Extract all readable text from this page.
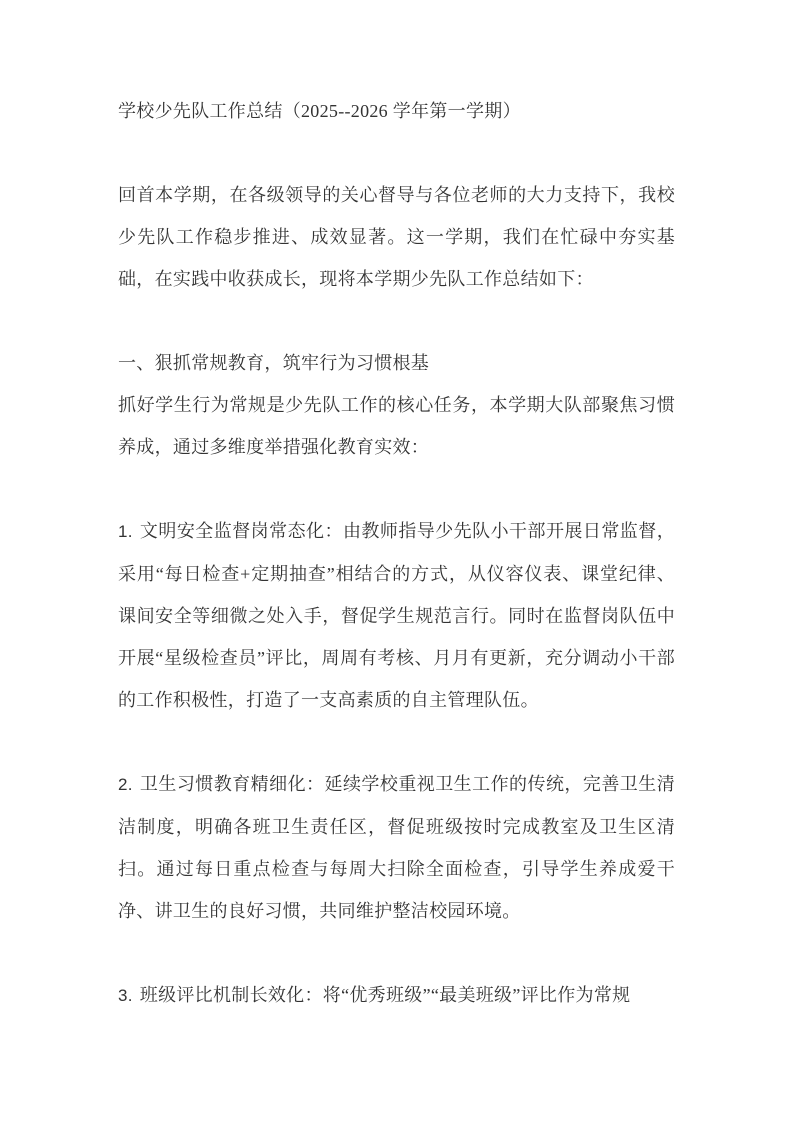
学校少先队工作总结（2025--2026 学年第一学期）

回首本学期，在各级领导的关心督导与各位老师的大力支持下，我校少先队工作稳步推进、成效显著。这一学期，我们在忙碌中夯实基础，在实践中收获成长，现将本学期少先队工作总结如下：

一、狠抓常规教育，筑牢行为习惯根基

抓好学生行为常规是少先队工作的核心任务，本学期大队部聚焦习惯养成，通过多维度举措强化教育实效：

1. 文明安全监督岗常态化：由教师指导少先队小干部开展日常监督，采用“每日检查+定期抽查”相结合的方式，从仪容仪表、课堂纪律、课间安全等细微之处入手，督促学生规范言行。同时在监督岗队伍中开展“星级检查员”评比，周周有考核、月月有更新，充分调动小干部的工作积极性，打造了一支高素质的自主管理队伍。

2. 卫生习惯教育精细化：延续学校重视卫生工作的传统，完善卫生清洁制度，明确各班卫生责任区，督促班级按时完成教室及卫生区清扫。通过每日重点检查与每周大扫除全面检查，引导学生养成爱干净、讲卫生的良好习惯，共同维护整洁校园环境。

3. 班级评比机制长效化：将“优秀班级”“最美班级”评比作为常规
